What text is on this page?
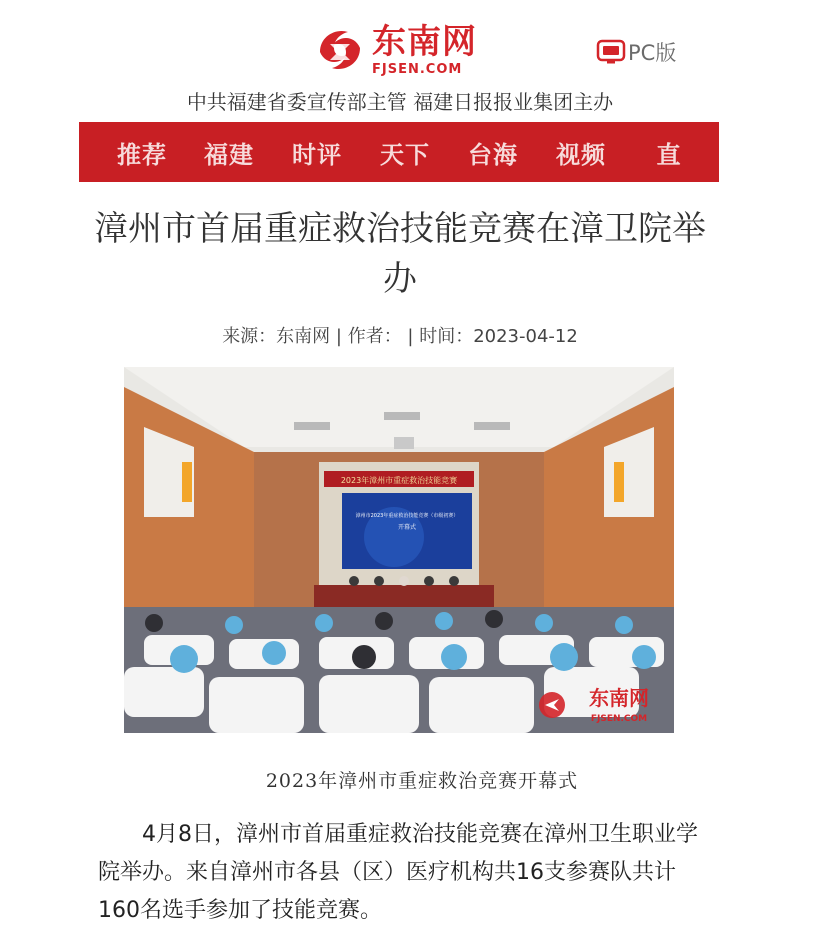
东南网
FJSEN.COM
PC版
中共福建省委宣传部主管 福建日报报业集团主办
推荐	福建	时评	天下	台海	视频	直
漳州市首届重症救治技能竞赛在漳卫院举办
来源：东南网 | 作者： | 时间：2023-04-12
2023年漳州市重症救治技能竞赛
漳州市2023年重症救治技能竞赛（市级初赛）
开幕式
东南网
FJSEN.COM
2023年漳州市重症救治竞赛开幕式

4月8日，漳州市首届重症救治技能竞赛在漳州卫生职业学院举办。来自漳州市各县（区）医疗机构共16支参赛队共计160名选手参加了技能竞赛。
